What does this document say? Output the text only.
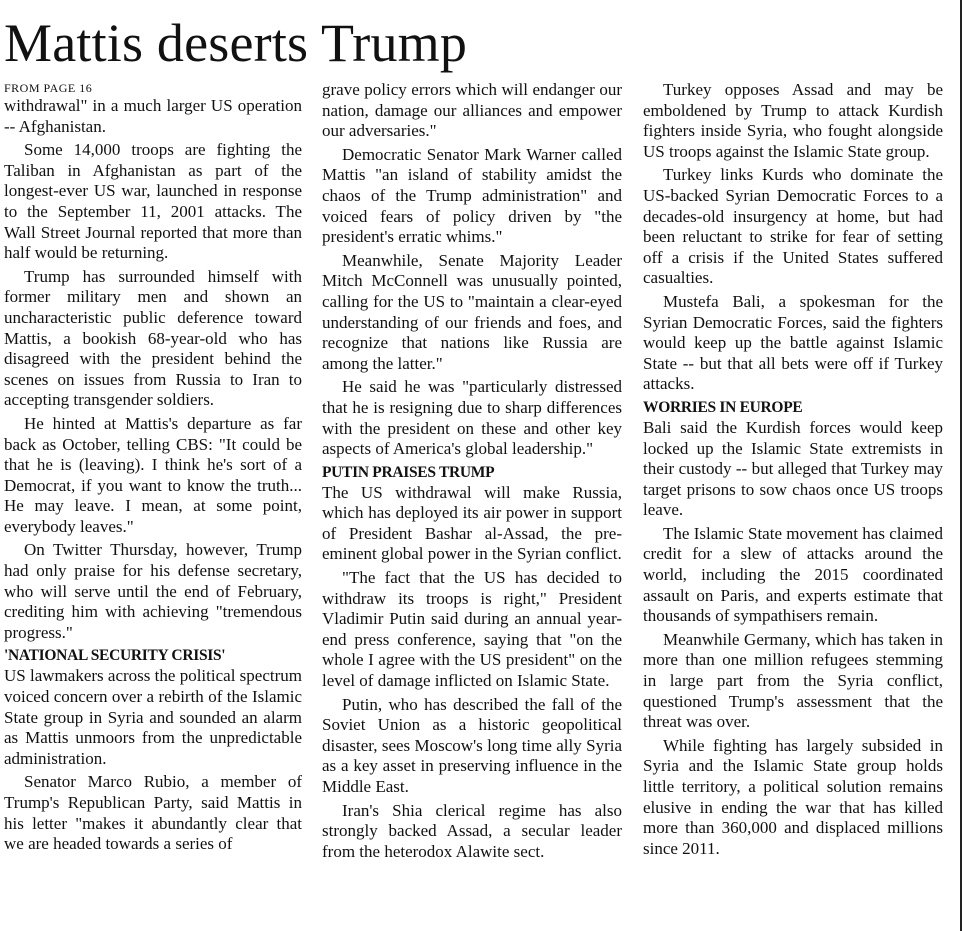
Mattis deserts Trump
FROM PAGE 16

withdrawal" in a much larger US operation -- Afghanistan.

Some 14,000 troops are fighting the Taliban in Afghanistan as part of the longest-ever US war, launched in response to the September 11, 2001 attacks. The Wall Street Journal reported that more than half would be returning.

Trump has surrounded himself with former military men and shown an uncharacteristic public deference toward Mattis, a bookish 68-year-old who has disagreed with the president behind the scenes on issues from Russia to Iran to accepting transgender soldiers.

He hinted at Mattis's departure as far back as October, telling CBS: "It could be that he is (leaving). I think he's sort of a Democrat, if you want to know the truth... He may leave. I mean, at some point, everybody leaves."

On Twitter Thursday, however, Trump had only praise for his defense secretary, who will serve until the end of February, crediting him with achieving "tremendous progress."

'NATIONAL SECURITY CRISIS'

US lawmakers across the political spectrum voiced concern over a rebirth of the Islamic State group in Syria and sounded an alarm as Mattis unmoors from the unpredictable administration.

Senator Marco Rubio, a member of Trump's Republican Party, said Mattis in his letter "makes it abundantly clear that we are headed towards a series of

grave policy errors which will endanger our nation, damage our alliances and empower our adversaries."

Democratic Senator Mark Warner called Mattis "an island of stability amidst the chaos of the Trump administration" and voiced fears of policy driven by "the president's erratic whims."

Meanwhile, Senate Majority Leader Mitch McConnell was unusually pointed, calling for the US to "maintain a clear-eyed understanding of our friends and foes, and recognize that nations like Russia are among the latter."

He said he was "particularly distressed that he is resigning due to sharp differences with the president on these and other key aspects of America's global leadership."

PUTIN PRAISES TRUMP

The US withdrawal will make Russia, which has deployed its air power in support of President Bashar al-Assad, the pre-eminent global power in the Syrian conflict.

"The fact that the US has decided to withdraw its troops is right," President Vladimir Putin said during an annual year-end press conference, saying that "on the whole I agree with the US president" on the level of damage inflicted on Islamic State.

Putin, who has described the fall of the Soviet Union as a historic geopolitical disaster, sees Moscow's long time ally Syria as a key asset in preserving influence in the Middle East.

Iran's Shia clerical regime has also strongly backed Assad, a secular leader from the heterodox Alawite sect.

Turkey opposes Assad and may be emboldened by Trump to attack Kurdish fighters inside Syria, who fought alongside US troops against the Islamic State group.

Turkey links Kurds who dominate the US-backed Syrian Democratic Forces to a decades-old insurgency at home, but had been reluctant to strike for fear of setting off a crisis if the United States suffered casualties.

Mustefa Bali, a spokesman for the Syrian Democratic Forces, said the fighters would keep up the battle against Islamic State -- but that all bets were off if Turkey attacks.

WORRIES IN EUROPE

Bali said the Kurdish forces would keep locked up the Islamic State extremists in their custody -- but alleged that Turkey may target prisons to sow chaos once US troops leave.

The Islamic State movement has claimed credit for a slew of attacks around the world, including the 2015 coordinated assault on Paris, and experts estimate that thousands of sympathisers remain.

Meanwhile Germany, which has taken in more than one million refugees stemming in large part from the Syria conflict, questioned Trump's assessment that the threat was over.

While fighting has largely subsided in Syria and the Islamic State group holds little territory, a political solution remains elusive in ending the war that has killed more than 360,000 and displaced millions since 2011.
